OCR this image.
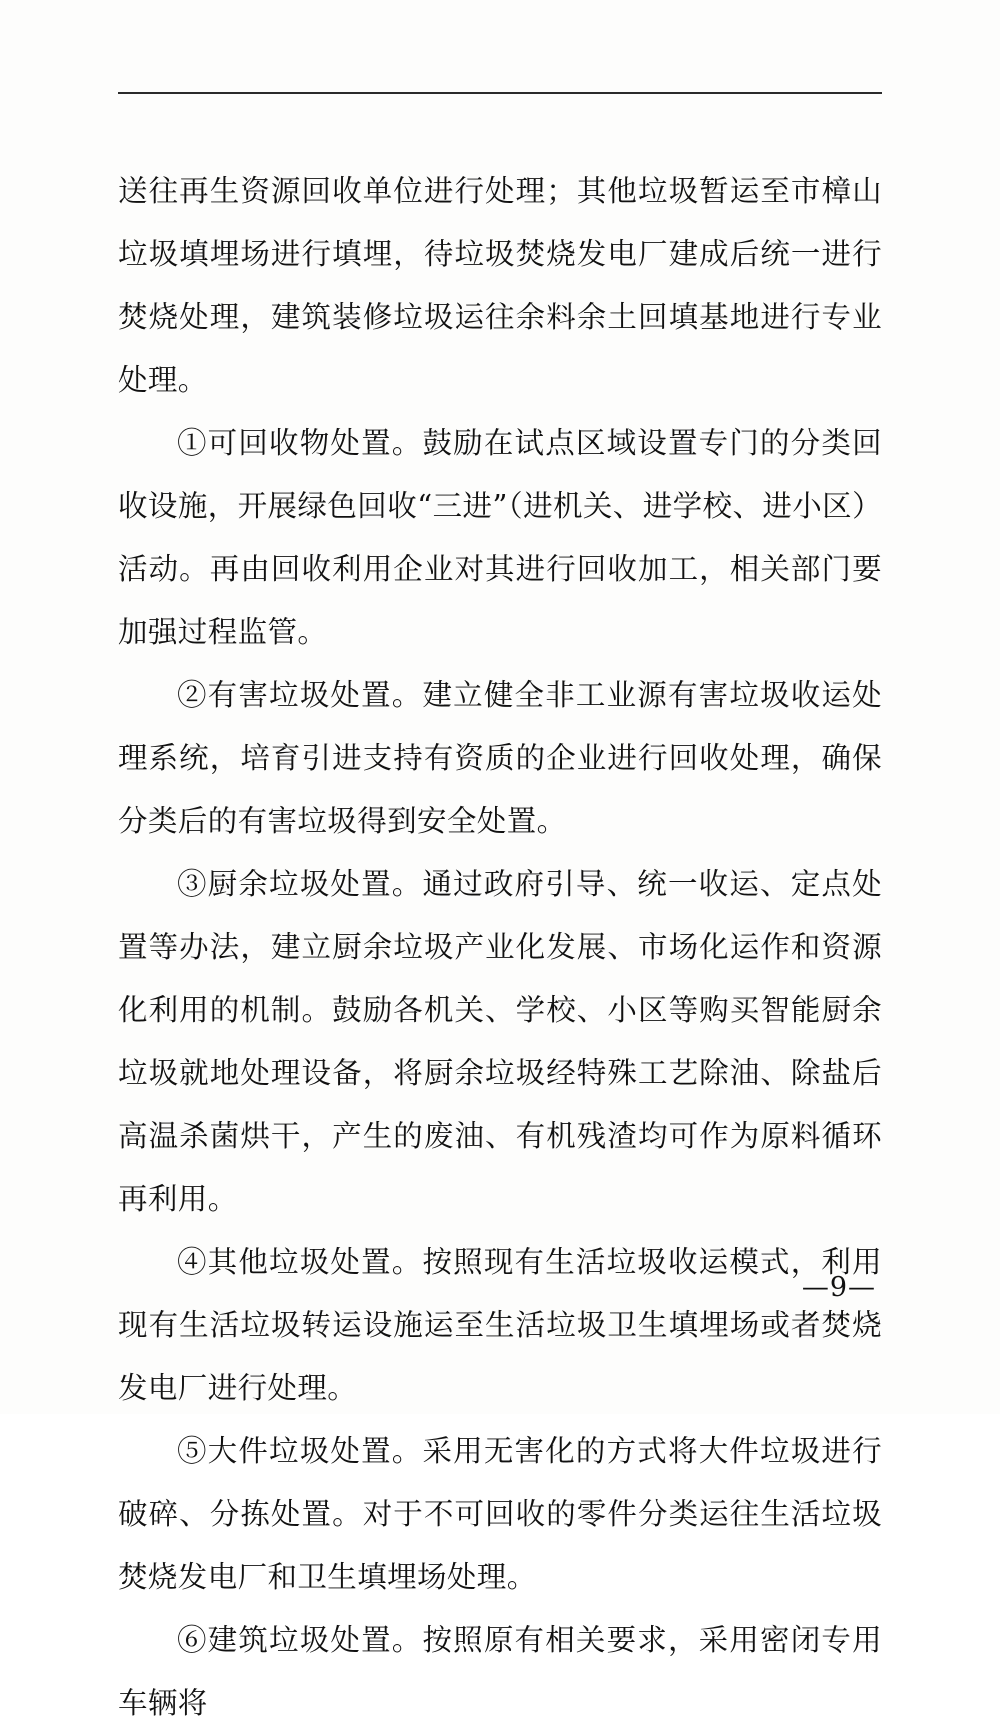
送往再生资源回收单位进行处理；其他垃圾暂运至市樟山垃圾填埋场进行填埋，待垃圾焚烧发电厂建成后统一进行焚烧处理，建筑装修垃圾运往余料余土回填基地进行专业处理。

①可回收物处置。鼓励在试点区域设置专门的分类回收设施，开展绿色回收“三进”（进机关、进学校、进小区）活动。再由回收利用企业对其进行回收加工，相关部门要加强过程监管。

②有害垃圾处置。建立健全非工业源有害垃圾收运处理系统，培育引进支持有资质的企业进行回收处理，确保分类后的有害垃圾得到安全处置。

③厨余垃圾处置。通过政府引导、统一收运、定点处置等办法，建立厨余垃圾产业化发展、市场化运作和资源化利用的机制。鼓励各机关、学校、小区等购买智能厨余垃圾就地处理设备，将厨余垃圾经特殊工艺除油、除盐后高温杀菌烘干，产生的废油、有机残渣均可作为原料循环再利用。

④其他垃圾处置。按照现有生活垃圾收运模式，利用现有生活垃圾转运设施运至生活垃圾卫生填埋场或者焚烧发电厂进行处理。

⑤大件垃圾处置。采用无害化的方式将大件垃圾进行破碎、分拣处置。对于不可回收的零件分类运往生活垃圾焚烧发电厂和卫生填埋场处理。

⑥建筑垃圾处置。按照原有相关要求，采用密闭专用车辆将

—9—
